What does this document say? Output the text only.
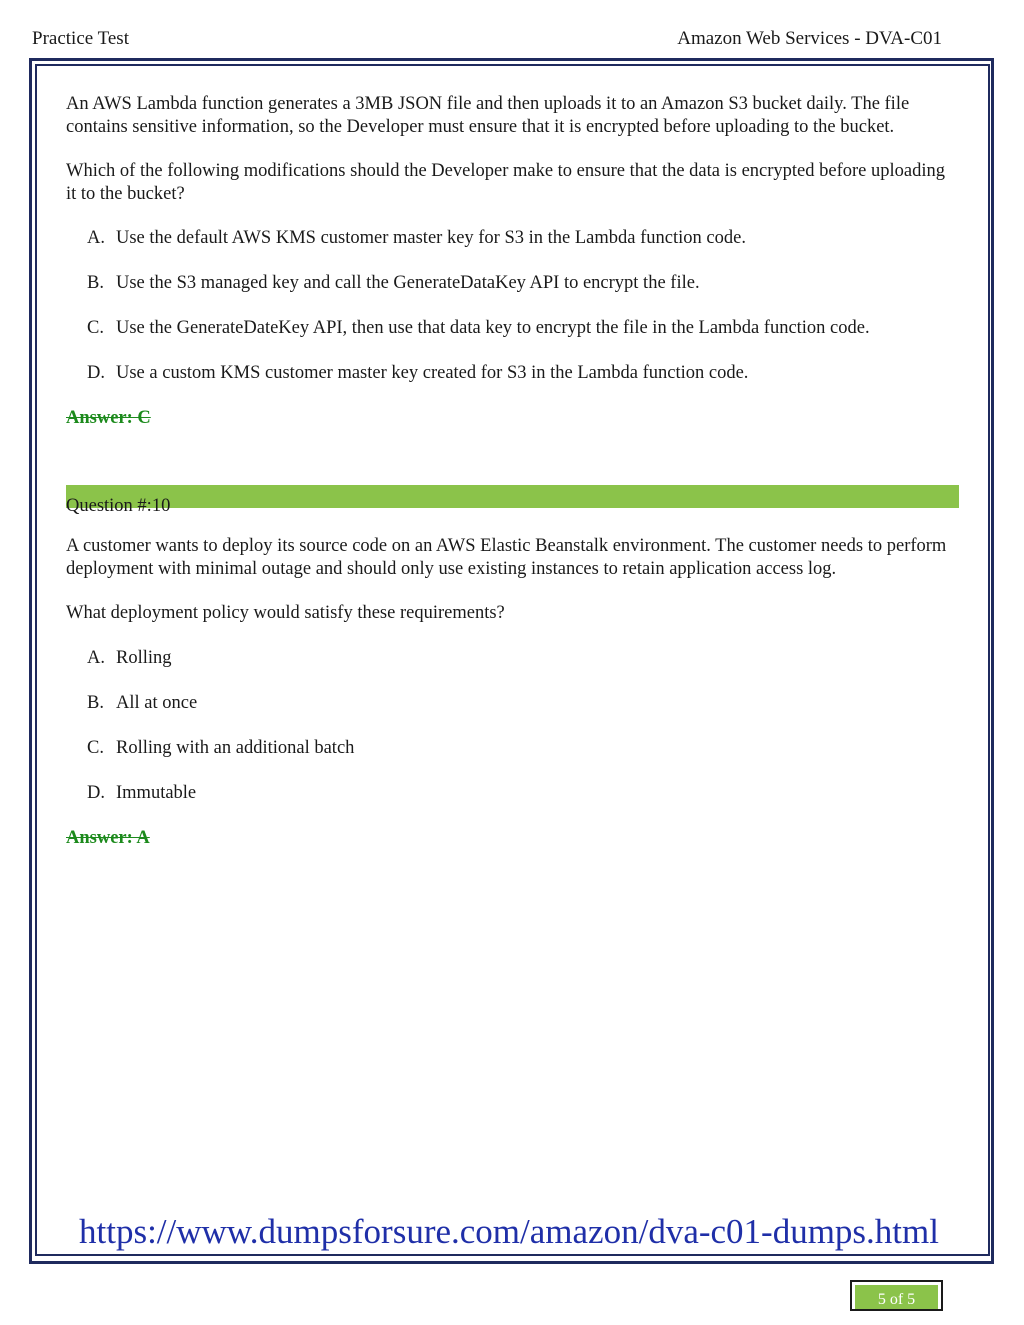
Practice Test	Amazon Web Services - DVA-C01

An AWS Lambda function generates a 3MB JSON file and then uploads it to an Amazon S3 bucket daily. The file contains sensitive information, so the Developer must ensure that it is encrypted before uploading to the bucket.

Which of the following modifications should the Developer make to ensure that the data is encrypted before uploading it to the bucket?

A. Use the default AWS KMS customer master key for S3 in the Lambda function code.
B. Use the S3 managed key and call the GenerateDataKey API to encrypt the file.
C. Use the GenerateDateKey API, then use that data key to encrypt the file in the Lambda function code.
D. Use a custom KMS customer master key created for S3 in the Lambda function code.

Answer: C

Question #:10

A customer wants to deploy its source code on an AWS Elastic Beanstalk environment. The customer needs to perform deployment with minimal outage and should only use existing instances to retain application access log.

What deployment policy would satisfy these requirements?

A. Rolling
B. All at once
C. Rolling with an additional batch
D. Immutable

Answer: A

https://www.dumpsforsure.com/amazon/dva-c01-dumps.html
5 of 5
